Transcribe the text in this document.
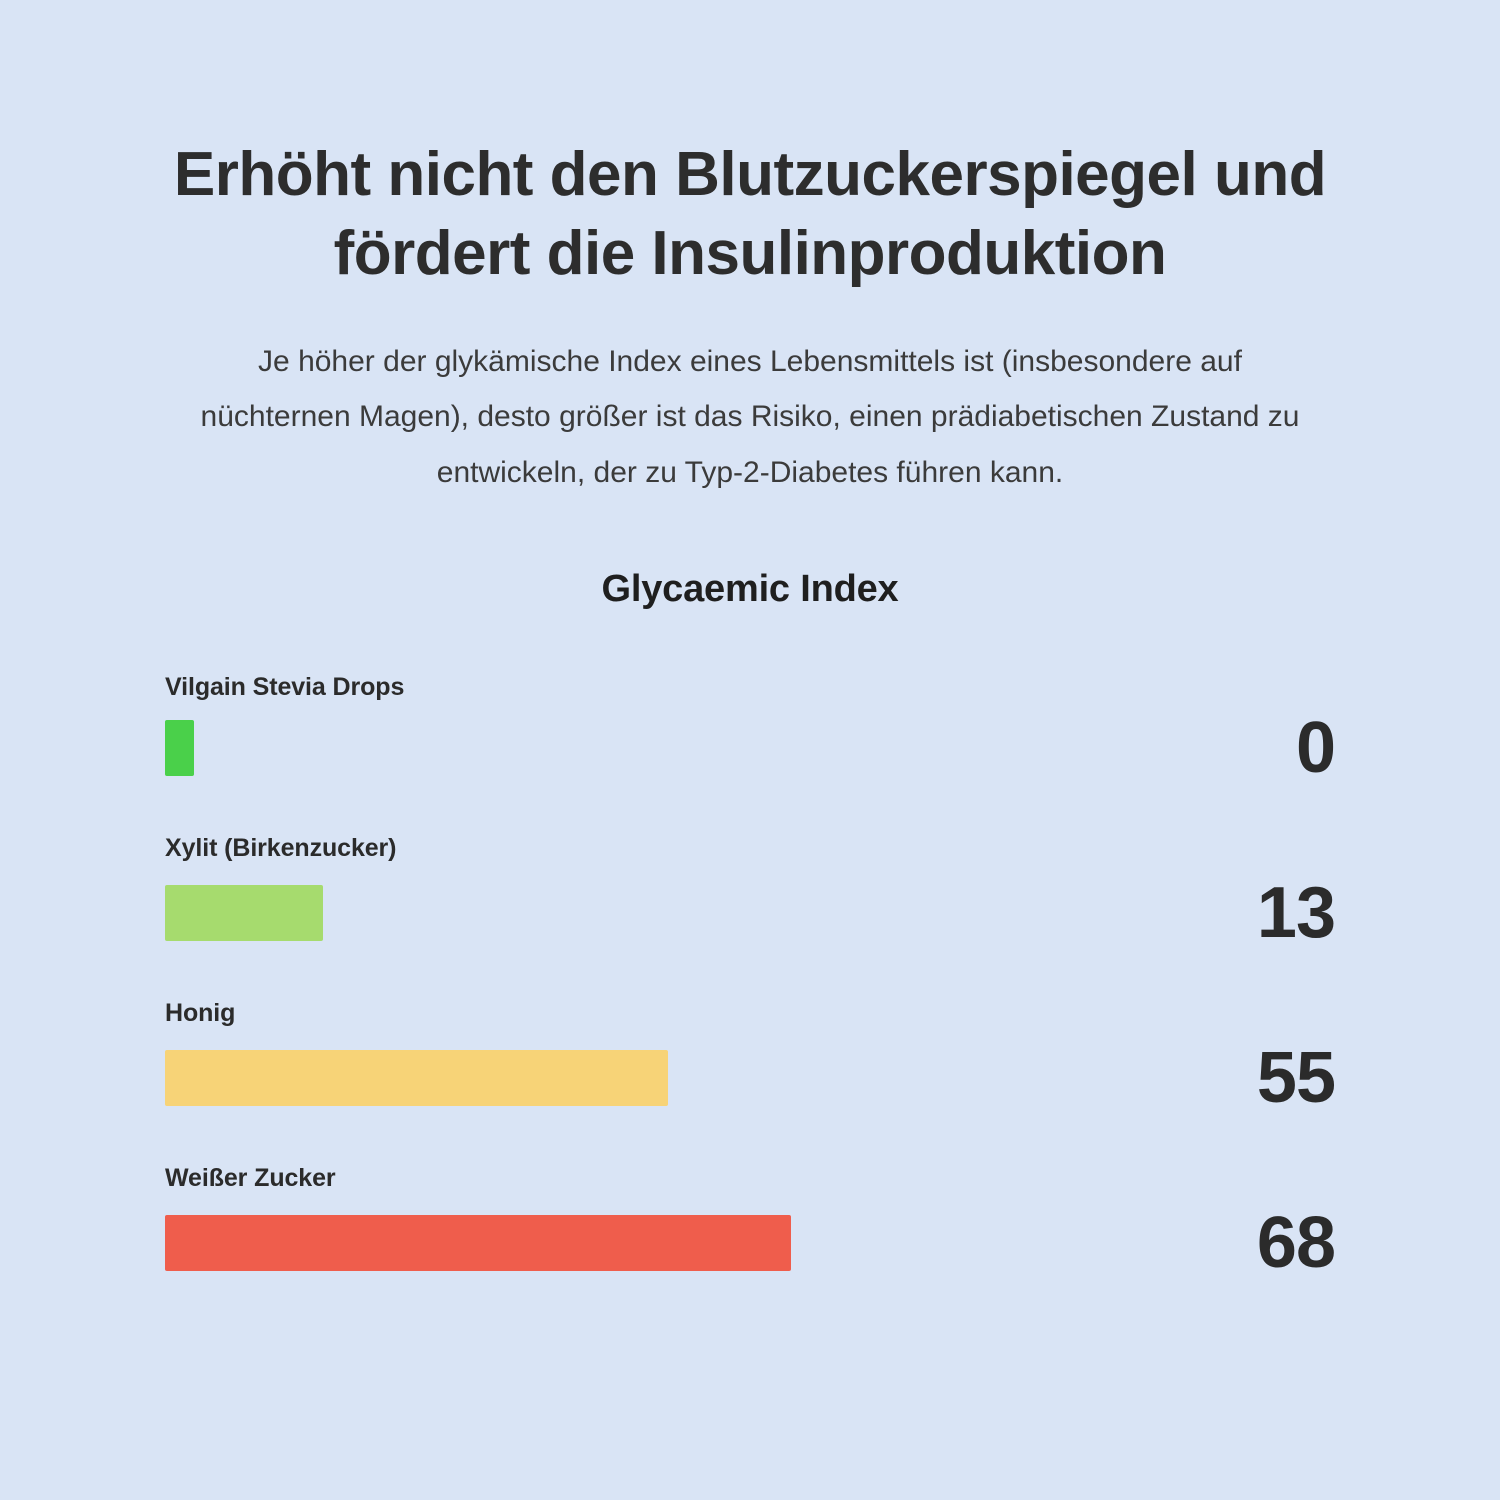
Erhöht nicht den Blutzuckerspiegel und fördert die Insulinproduktion

Je höher der glykämische Index eines Lebensmittels ist (insbesondere auf nüchternen Magen), desto größer ist das Risiko, einen prädiabetischen Zustand zu entwickeln, der zu Typ-2-Diabetes führen kann.

Glycaemic Index
Vilgain Stevia Drops
0
Xylit (Birkenzucker)
13
Honig
55
Weißer Zucker
68
